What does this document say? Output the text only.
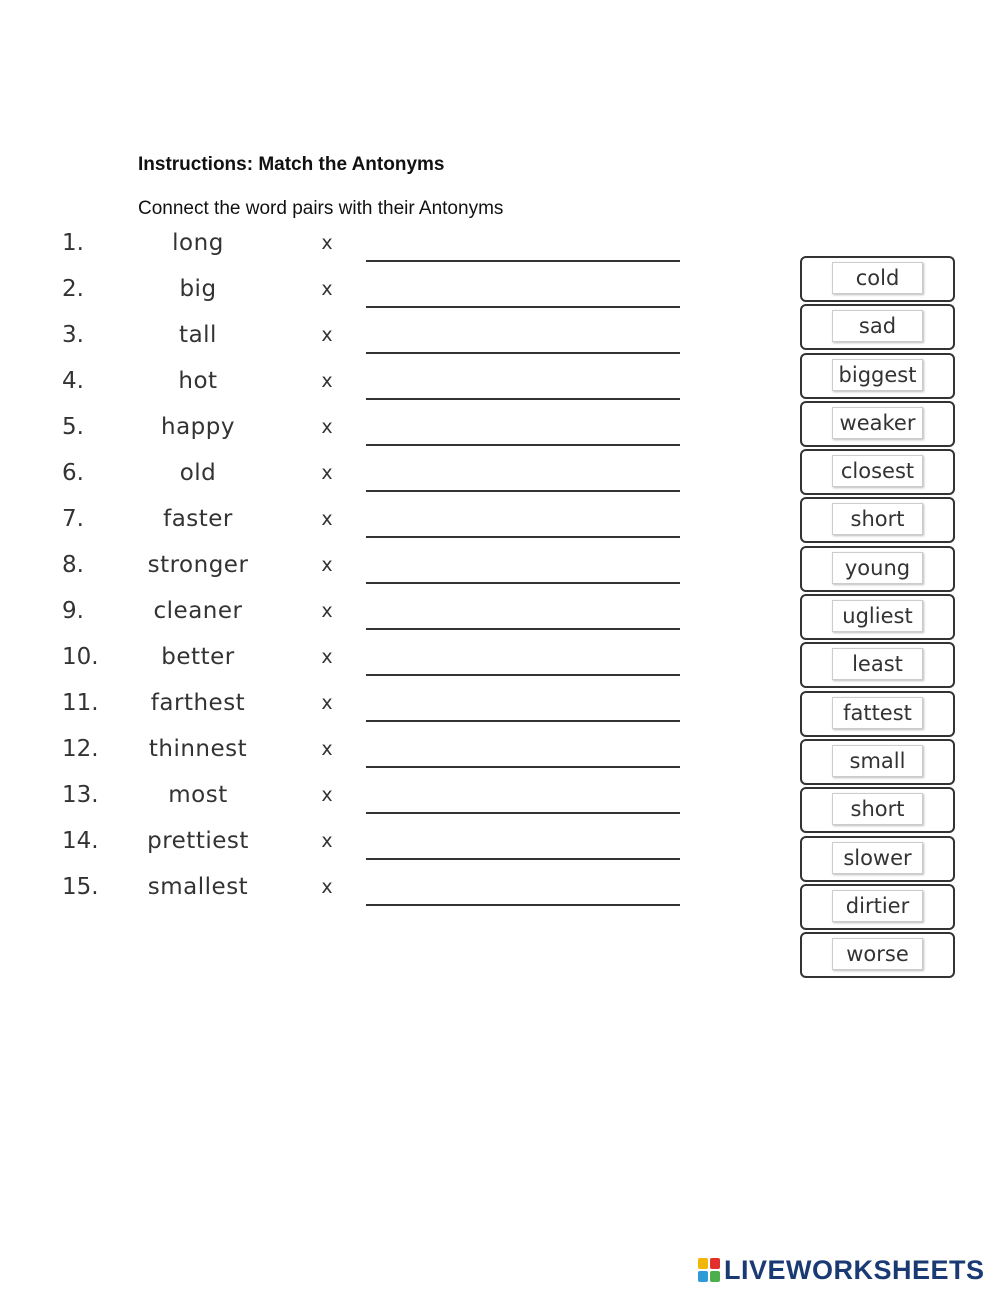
Instructions: Match the Antonyms
Connect the word pairs with their Antonyms
1.	long	x
2.	big	x
3.	tall	x
4.	hot	x
5.	happy	x
6.	old	x
7.	faster	x
8.	stronger	x
9.	cleaner	x
10.	better	x
11.	farthest	x
12.	thinnest	x
13.	most	x
14.	prettiest	x
15.	smallest	x
cold
sad
biggest
weaker
closest
short
young
ugliest
least
fattest
small
short
slower
dirtier
worse
LIVEWORKSHEETS
